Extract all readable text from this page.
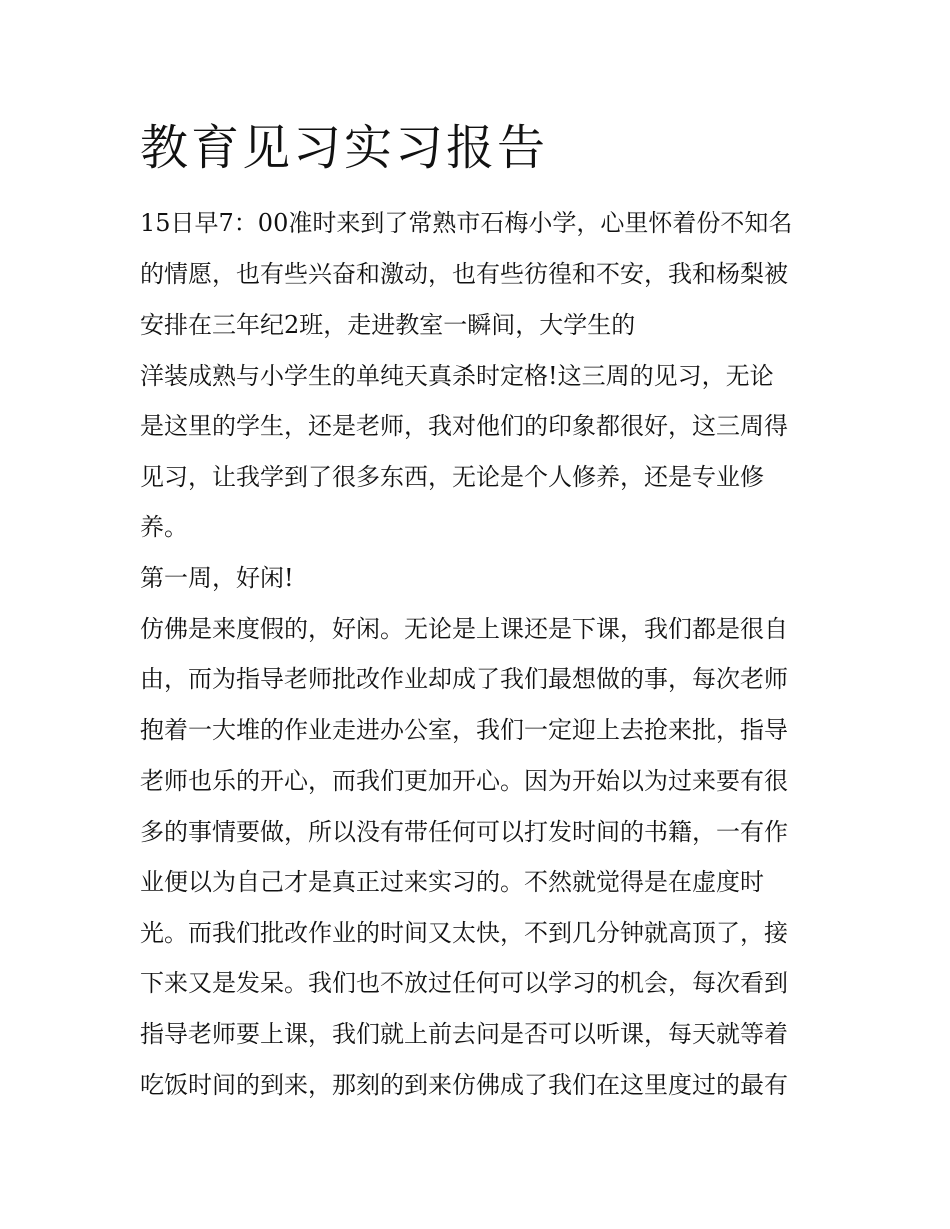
教育见习实习报告

15日早7：00准时来到了常熟市石梅小学，心里怀着份不知名

的情愿，也有些兴奋和激动，也有些彷徨和不安，我和杨梨被

安排在三年纪2班，走进教室一瞬间，大学生的

洋装成熟与小学生的单纯天真杀时定格!这三周的见习，无论

是这里的学生，还是老师，我对他们的印象都很好，这三周得

见习，让我学到了很多东西，无论是个人修养，还是专业修

养。

第一周，好闲!

仿佛是来度假的，好闲。无论是上课还是下课，我们都是很自

由，而为指导老师批改作业却成了我们最想做的事，每次老师

抱着一大堆的作业走进办公室，我们一定迎上去抢来批，指导

老师也乐的开心，而我们更加开心。因为开始以为过来要有很

多的事情要做，所以没有带任何可以打发时间的书籍，一有作

业便以为自己才是真正过来实习的。不然就觉得是在虚度时

光。而我们批改作业的时间又太快，不到几分钟就高顶了，接

下来又是发呆。我们也不放过任何可以学习的机会，每次看到

指导老师要上课，我们就上前去问是否可以听课，每天就等着

吃饭时间的到来，那刻的到来仿佛成了我们在这里度过的最有
